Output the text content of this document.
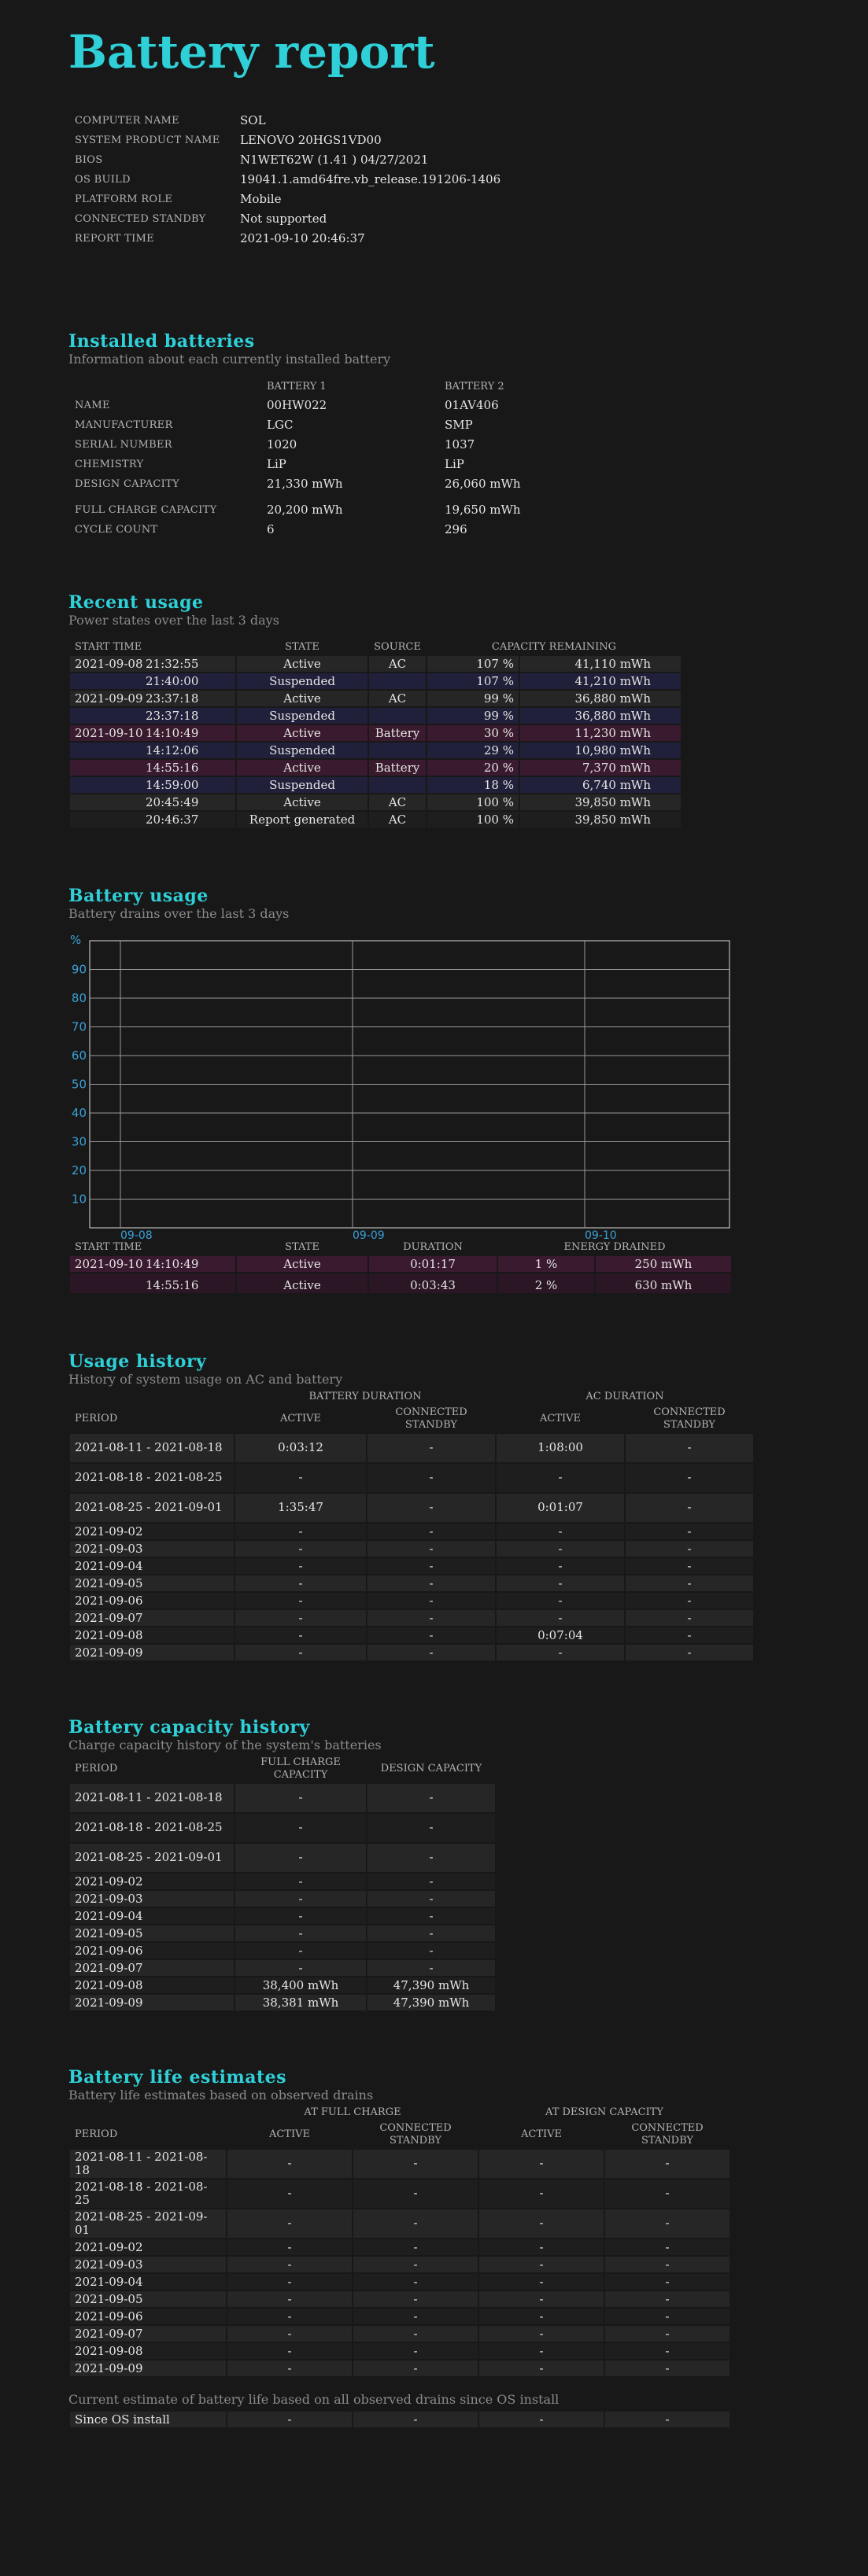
Battery report
COMPUTER NAME	SOL
SYSTEM PRODUCT NAME	LENOVO 20HGS1VD00
BIOS	N1WET62W (1.41 ) 04/27/2021
OS BUILD	19041.1.amd64fre.vb_release.191206-1406
PLATFORM ROLE	Mobile
CONNECTED STANDBY	Not supported
REPORT TIME	2021-09-10 20:46:37
Installed batteries

Information about each currently installed battery

	BATTERY 1	BATTERY 2
NAME	00HW022	01AV406
MANUFACTURER	LGC	SMP
SERIAL NUMBER	1020	1037
CHEMISTRY	LiP	LiP
DESIGN CAPACITY	21,330 mWh	26,060 mWh
FULL CHARGE CAPACITY	20,200 mWh	19,650 mWh
CYCLE COUNT	6	296
Recent usage

Power states over the last 3 days

START TIME	STATE	SOURCE	CAPACITY REMAINING	
2021-09-08 21:32:55	Active	AC	107 %	41,110 mWh
21:40:00	Suspended		107 %	41,210 mWh
2021-09-09 23:37:18	Active	AC	99 %	36,880 mWh
23:37:18	Suspended		99 %	36,880 mWh
2021-09-10 14:10:49	Active	Battery	30 %	11,230 mWh
14:12:06	Suspended		29 %	10,980 mWh
14:55:16	Active	Battery	20 %	7,370 mWh
14:59:00	Suspended		18 %	6,740 mWh
20:45:49	Active	AC	100 %	39,850 mWh
20:46:37	Report generated	AC	100 %	39,850 mWh
Battery usage

Battery drains over the last 3 days

%
10
20
30
40
50
60
70
80
90
09-08	09-09	09-10
START TIME	STATE	DURATION	ENERGY DRAINED	
2021-09-10 14:10:49	Active	0:01:17	1 %	250 mWh
14:55:16	Active	0:03:43	2 %	630 mWh
Usage history

History of system usage on AC and battery

	BATTERY DURATION		AC DURATION	
PERIOD	ACTIVE	CONNECTED STANDBY	ACTIVE	CONNECTED STANDBY
2021-08-11 - 2021-08-18	0:03:12	-	1:08:00	-
2021-08-18 - 2021-08-25	-	-	-	-
2021-08-25 - 2021-09-01	1:35:47	-	0:01:07	-
2021-09-02	-	-	-	-
2021-09-03	-	-	-	-
2021-09-04	-	-	-	-
2021-09-05	-	-	-	-
2021-09-06	-	-	-	-
2021-09-07	-	-	-	-
2021-09-08	-	-	0:07:04	-
2021-09-09	-	-	-	-
Battery capacity history

Charge capacity history of the system's batteries

PERIOD	FULL CHARGE CAPACITY	DESIGN CAPACITY
2021-08-11 - 2021-08-18	-	-
2021-08-18 - 2021-08-25	-	-
2021-08-25 - 2021-09-01	-	-
2021-09-02	-	-
2021-09-03	-	-
2021-09-04	-	-
2021-09-05	-	-
2021-09-06	-	-
2021-09-07	-	-
2021-09-08	38,400 mWh	47,390 mWh
2021-09-09	38,381 mWh	47,390 mWh
Battery life estimates

Battery life estimates based on observed drains

	AT FULL CHARGE		AT DESIGN CAPACITY	
PERIOD	ACTIVE	CONNECTED STANDBY	ACTIVE	CONNECTED STANDBY
2021-08-11 - 2021-08-18	-	-	-	-
2021-08-18 - 2021-08-25	-	-	-	-
2021-08-25 - 2021-09-01	-	-	-	-
2021-09-02	-	-	-	-
2021-09-03	-	-	-	-
2021-09-04	-	-	-	-
2021-09-05	-	-	-	-
2021-09-06	-	-	-	-
2021-09-07	-	-	-	-
2021-09-08	-	-	-	-
2021-09-09	-	-	-	-

Current estimate of battery life based on all observed drains since OS install

Since OS install	-	-	-	-
